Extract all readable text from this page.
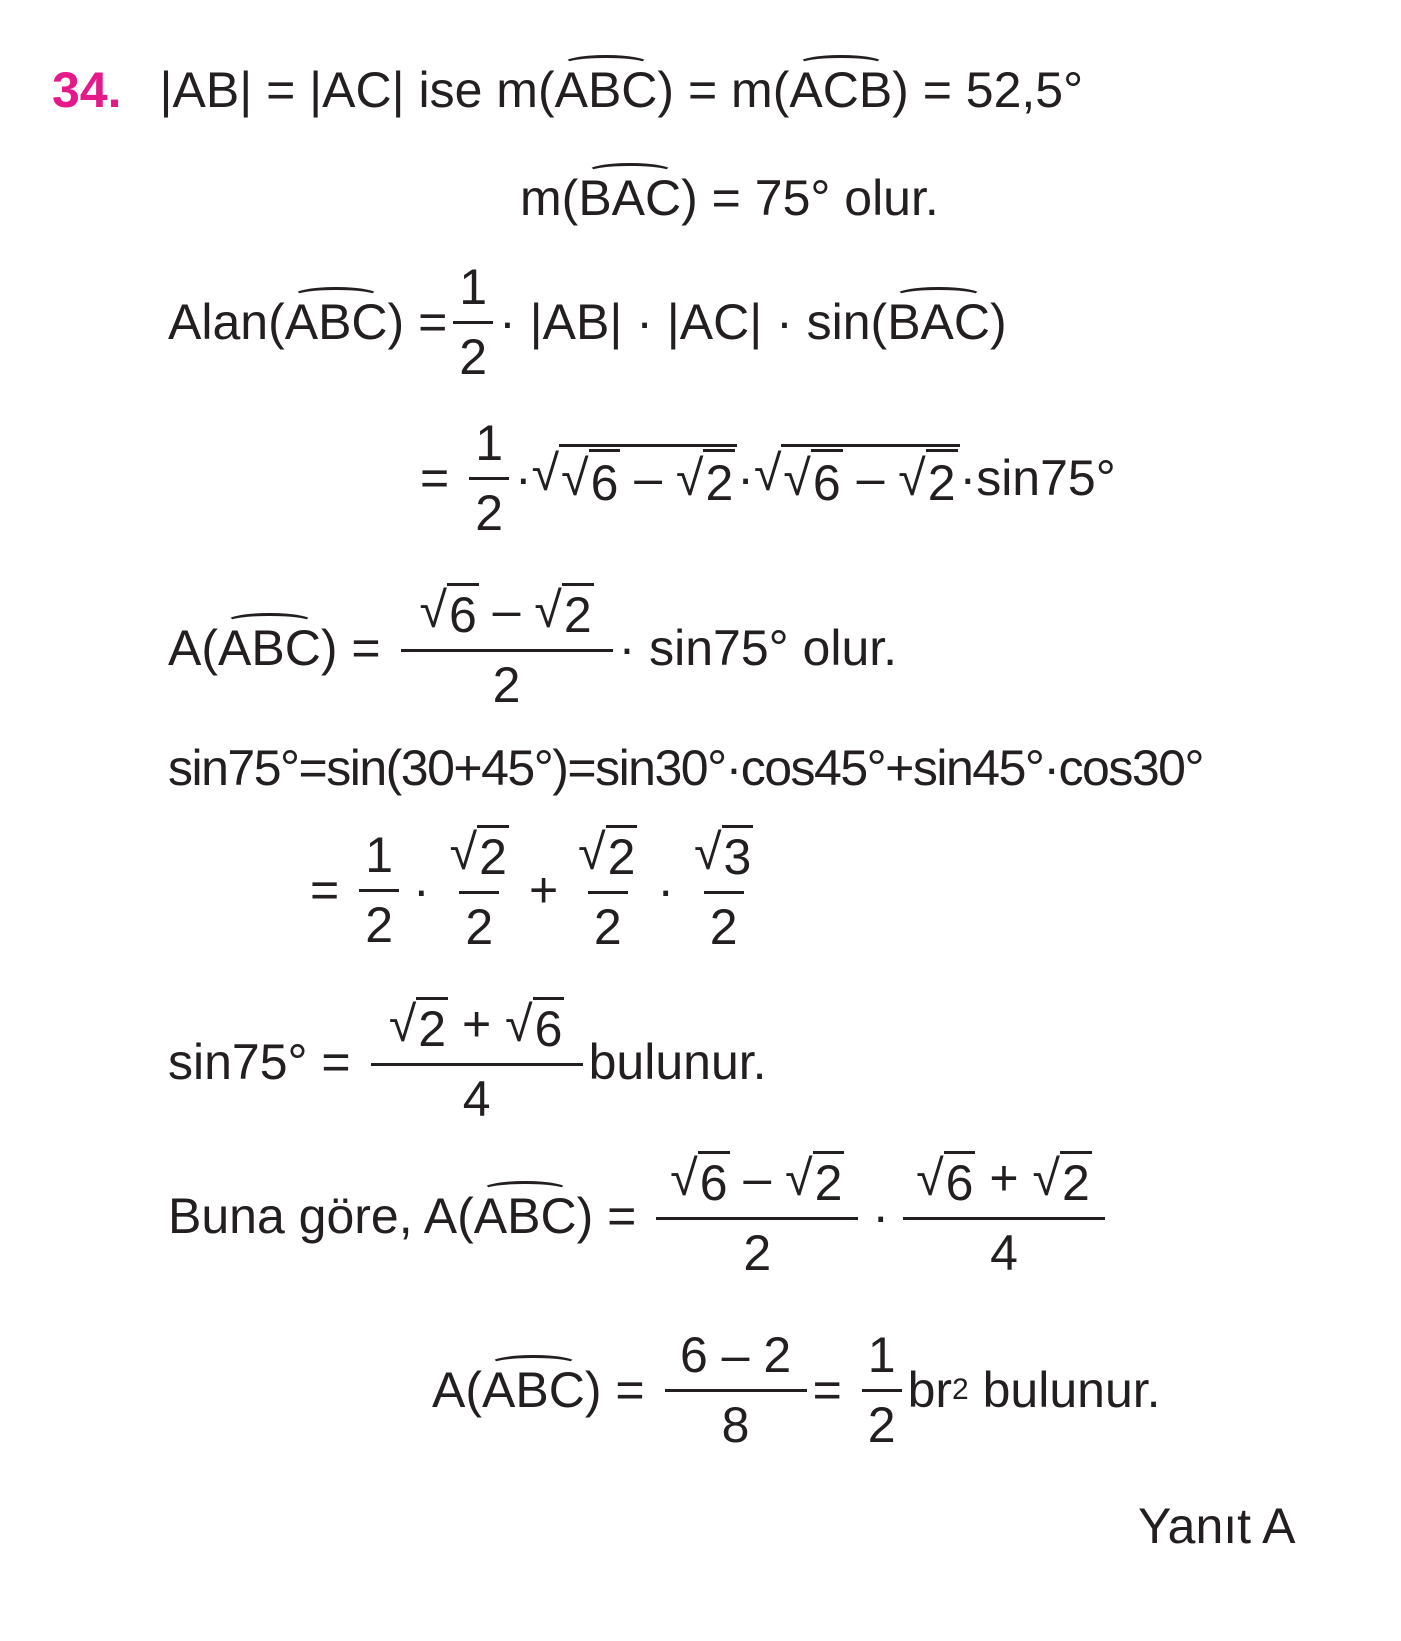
34. |AB| = |AC| ise m( ABC ) = m( ACB ) = 52,5°
m( BAC ) = 75° olur.
Alan( ABC ) = $\frac{1}{2} \cdot |AB| \cdot |AC| \cdot \sin$( BAC )
= $\frac{1}{2}$ · √ √ 6 – √ 2 · √ √ 6 – √ 2 ·sin75°
A( ABC ) = $\frac{√ 6 - √ 2}{2} \cdot \sin 75^\circ$ olur.
sin75°=sin(30+45°)=sin30°·cos45°+sin45°·cos30°
= $\frac{1}{2} \cdot \frac{√ 2}{2} + \frac{√ 2}{2} \cdot \frac{√ 3}{2}$
$\sin 75^\circ = \frac{√ 2 + √ 6}{4}$ bulunur.
Buna göre, A( ABC ) = $\frac{√ 6 - √ 2}{2} \cdot \frac{√ 6 + √ 2}{4}$
A( ABC ) = $\frac{6 - 2}{8} = \frac{1}{2}$ br 2 bulunur.
Yanıt A
